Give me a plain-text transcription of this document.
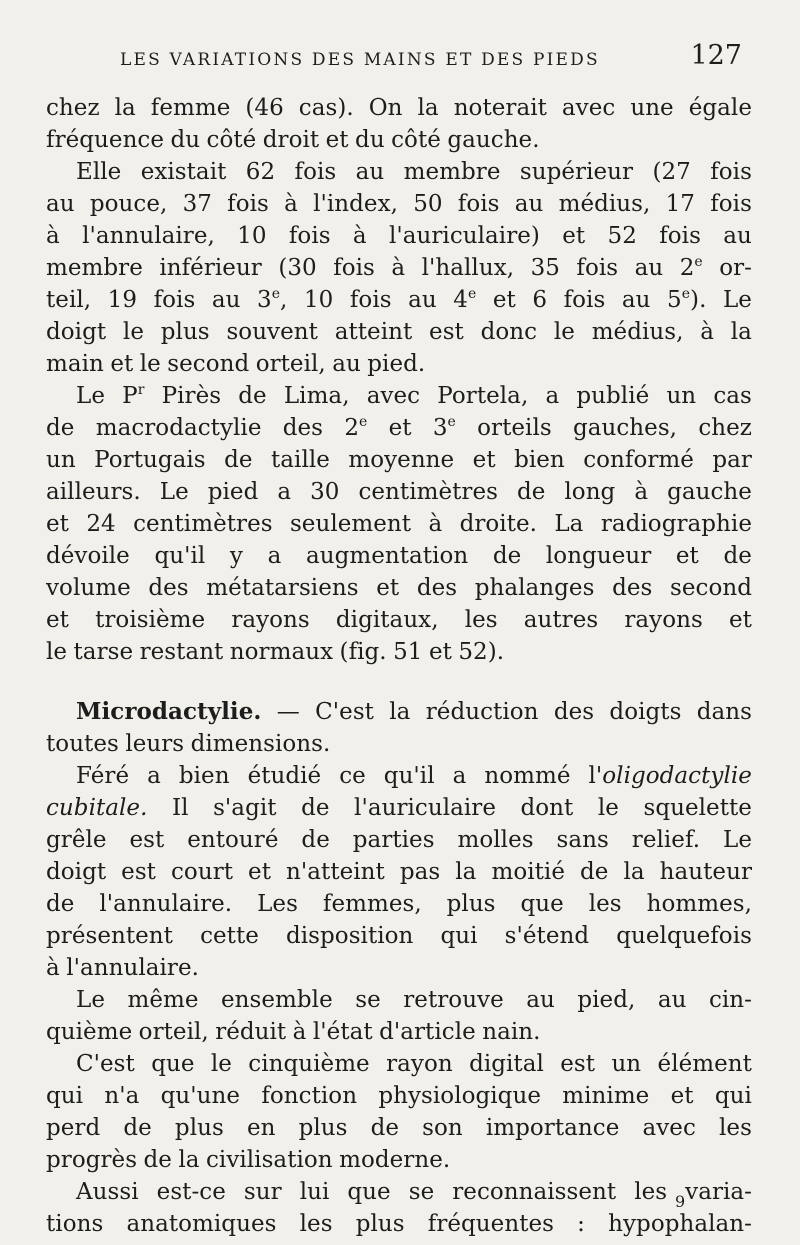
LES VARIATIONS DES MAINS ET DES PIEDS	127
chez la femme (46 cas). On la noterait avec une égale
fréquence du côté droit et du côté gauche.
Elle existait 62 fois au membre supérieur (27 fois
au pouce, 37 fois à l'index, 50 fois au médius, 17 fois
à l'annulaire, 10 fois à l'auriculaire) et 52 fois au
membre inférieur (30 fois à l'hallux, 35 fois au 2e or-
teil, 19 fois au 3e, 10 fois au 4e et 6 fois au 5e). Le
doigt le plus souvent atteint est donc le médius, à la
main et le second orteil, au pied.
Le $P^r$ Pirès de Lima, avec Portela, a publié un cas
de macrodactylie des 2e et 3e orteils gauches, chez
un Portugais de taille moyenne et bien conformé par
ailleurs. Le pied a 30 centimètres de long à gauche
et 24 centimètres seulement à droite. La radiographie
dévoile qu'il y a augmentation de longueur et de
volume des métatarsiens et des phalanges des second
et troisième rayons digitaux, les autres rayons et
le tarse restant normaux (fig. 51 et 52).
Microdactylie. — C'est la réduction des doigts dans
toutes leurs dimensions.
Féré a bien étudié ce qu'il a nommé l'oligodactylie
cubitale. Il s'agit de l'auriculaire dont le squelette
grêle est entouré de parties molles sans relief. Le
doigt est court et n'atteint pas la moitié de la hauteur
de l'annulaire. Les femmes, plus que les hommes,
présentent cette disposition qui s'étend quelquefois
à l'annulaire.
Le même ensemble se retrouve au pied, au cin-
quième orteil, réduit à l'état d'article nain.
C'est que le cinquième rayon digital est un élément
qui n'a qu'une fonction physiologique minime et qui
perd de plus en plus de son importance avec les
progrès de la civilisation moderne.
Aussi est-ce sur lui que se reconnaissent les varia-
tions anatomiques les plus fréquentes : hypophalan-
9
